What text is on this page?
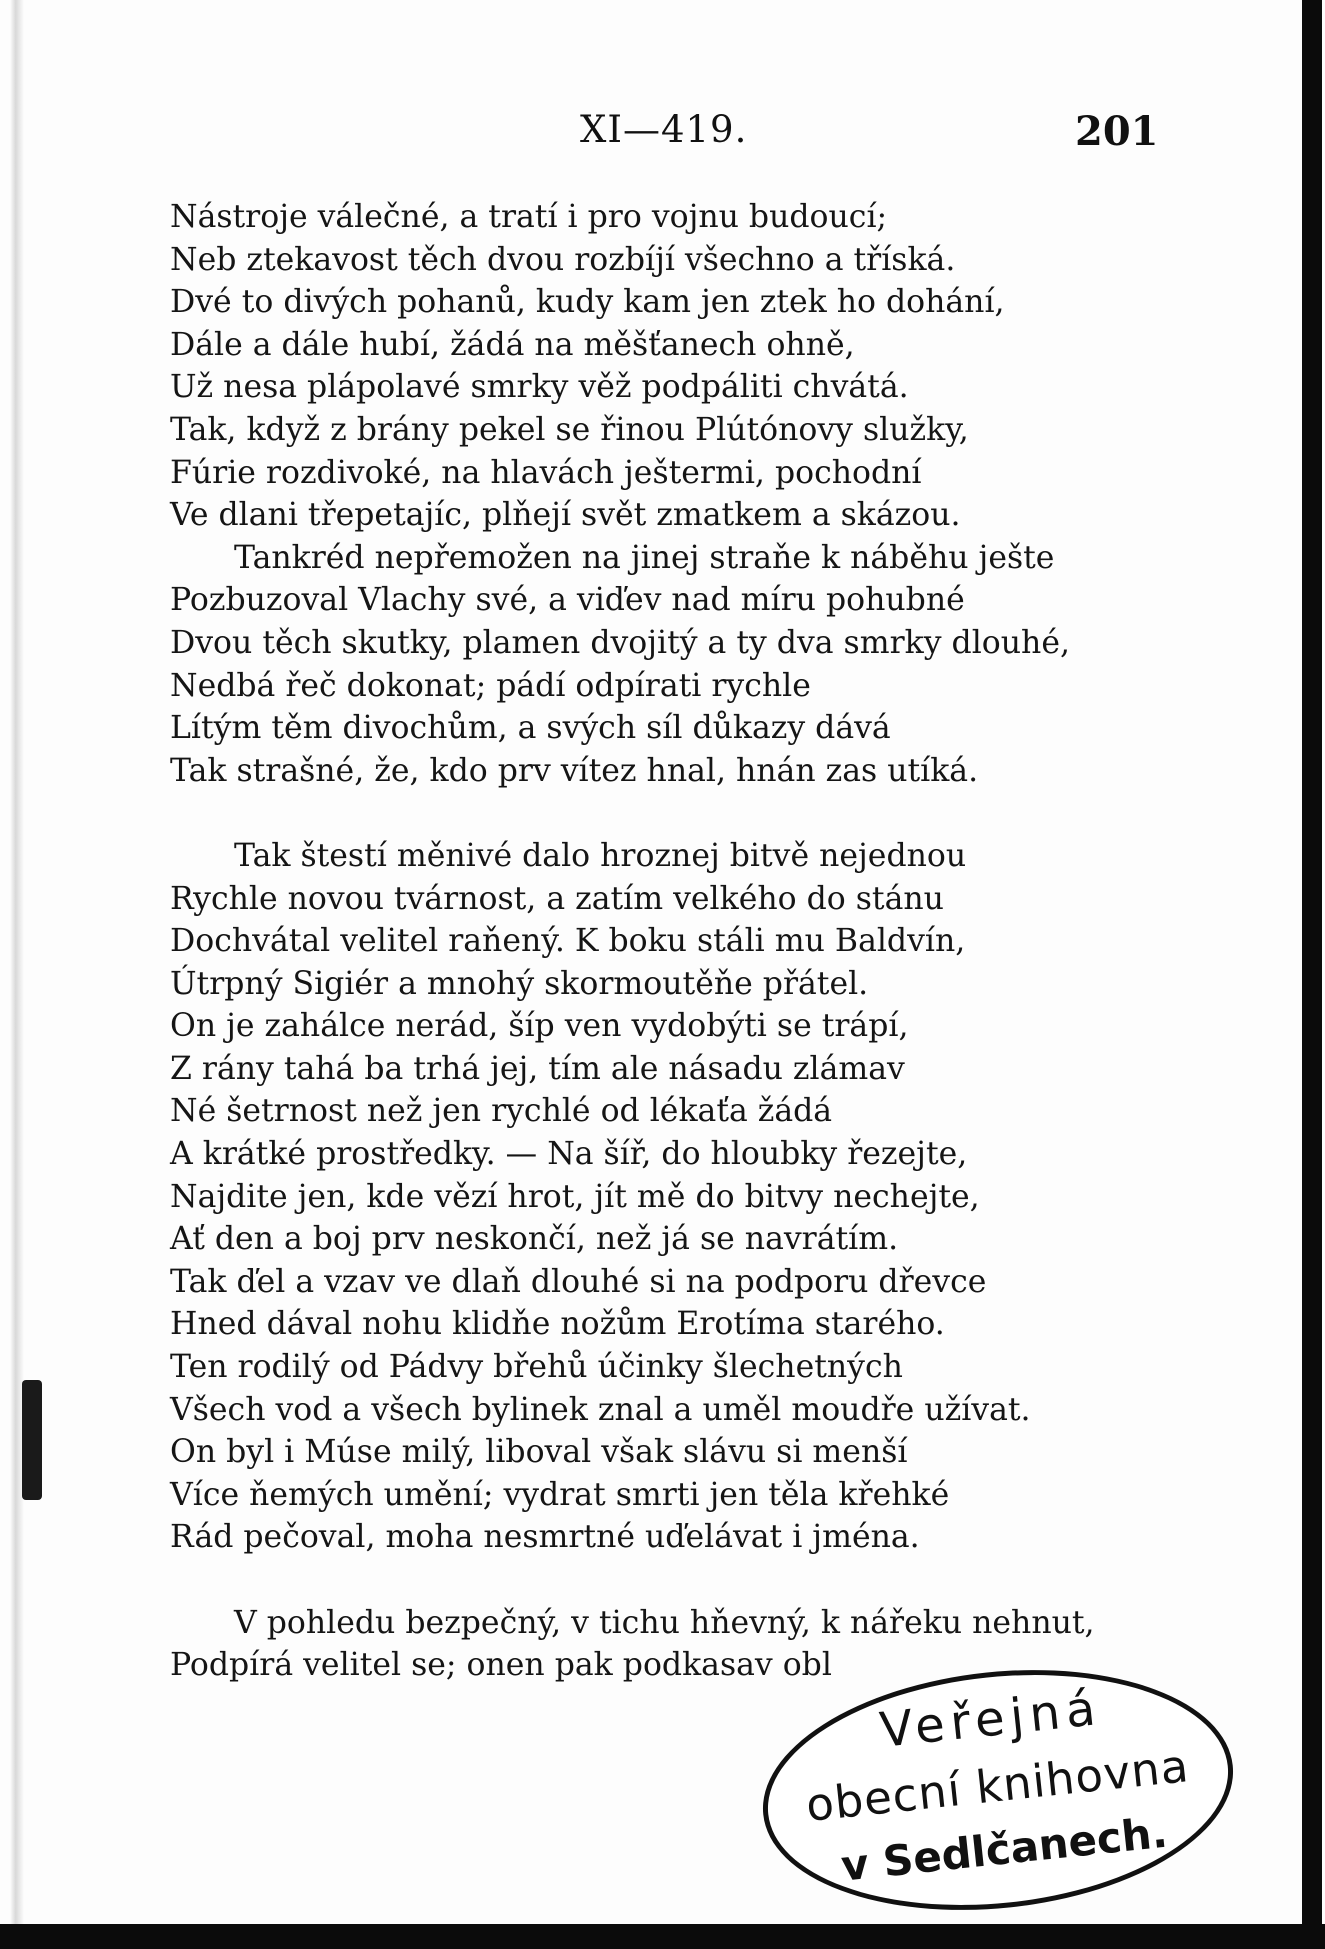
XI—419.	201
Nástroje válečné, a tratí i pro vojnu budoucí;
Neb ztekavost těch dvou rozbíjí všechno a tříská.
Dvé to divých pohanů, kudy kam jen ztek ho dohání,
Dále a dále hubí, žádá na měšťanech ohně,
Už nesa plápolavé smrky věž podpáliti chvátá.
Tak, když z brány pekel se řinou Plútónovy služky,
Fúrie rozdivoké, na hlavách ještermi, pochodní
Ve dlani třepetajíc, plňejí svět zmatkem a skázou.
Tankréd nepřemožen na jinej straňe k náběhu ješte
Pozbuzoval Vlachy své, a viďev nad míru pohubné
Dvou těch skutky, plamen dvojitý a ty dva smrky dlouhé,
Nedbá řeč dokonat; pádí odpírati rychle
Lítým těm divochům, a svých síl důkazy dává
Tak strašné, že, kdo prv vítez hnal, hnán zas utíká.
Tak štestí měnivé dalo hroznej bitvě nejednou
Rychle novou tvárnost, a zatím velkého do stánu
Dochvátal velitel raňený. K boku stáli mu Baldvín,
Útrpný Sigiér a mnohý skormoutěňe přátel.
On je zahálce nerád, šíp ven vydobýti se trápí,
Z rány tahá ba trhá jej, tím ale násadu zlámav
Né šetrnost než jen rychlé od lékaťa žádá
A krátké prostředky. — Na šíř, do hloubky řezejte,
Najdite jen, kde vězí hrot, jít mě do bitvy nechejte,
Ať den a boj prv neskončí, než já se navrátím.
Tak ďel a vzav ve dlaň dlouhé si na podporu dřevce
Hned dával nohu klidňe nožům Erotíma starého.
Ten rodilý od Pádvy břehů účinky šlechetných
Všech vod a všech bylinek znal a uměl moudře užívat.
On byl i Múse milý, liboval však slávu si menší
Více ňemých umění; vydrat smrti jen těla křehké
Rád pečoval, moha nesmrtné uďelávat i jména.
V pohledu bezpečný, v tichu hňevný, k nářeku nehnut,
Podpírá velitel se; onen pak podkasav obl
Veřejná
obecní knihovna
v Sedlčanech.
